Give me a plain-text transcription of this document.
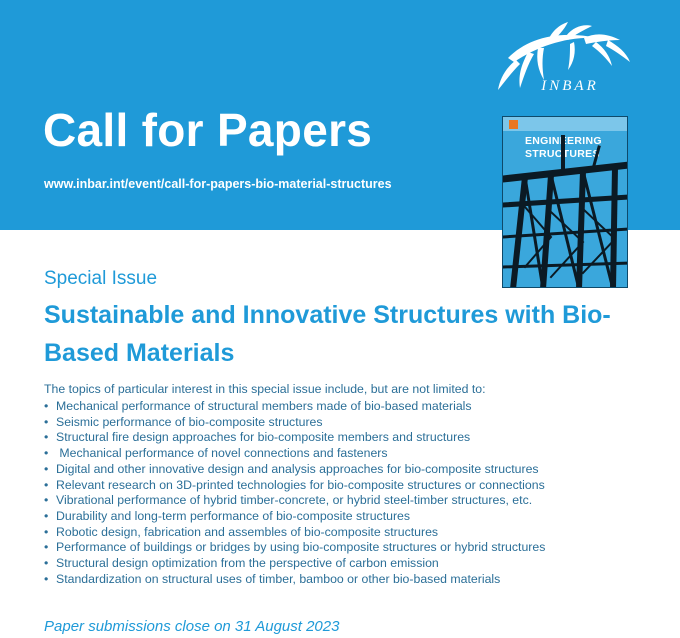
INBAR
Call for Papers
www.inbar.int/event/call-for-papers-bio-material-structures
ENGINEERING
STRUCTURES
Special Issue
Sustainable and Innovative Structures with Bio-Based Materials
The topics of particular interest in this special issue include, but are not limited to:
• Mechanical performance of structural members made of bio-based materials
• Seismic performance of bio-composite structures
• Structural fire design approaches for bio-composite members and structures
• Mechanical performance of novel connections and fasteners
• Digital and other innovative design and analysis approaches for bio-composite structures
• Relevant research on 3D-printed technologies for bio-composite structures or connections
• Vibrational performance of hybrid timber-concrete, or hybrid steel-timber structures, etc.
• Durability and long-term performance of bio-composite structures
• Robotic design, fabrication and assembles of bio-composite structures
• Performance of buildings or bridges by using bio-composite structures or hybrid structures
• Structural design optimization from the perspective of carbon emission
• Standardization on structural uses of timber, bamboo or other bio-based materials
Paper submissions close on 31 August 2023
